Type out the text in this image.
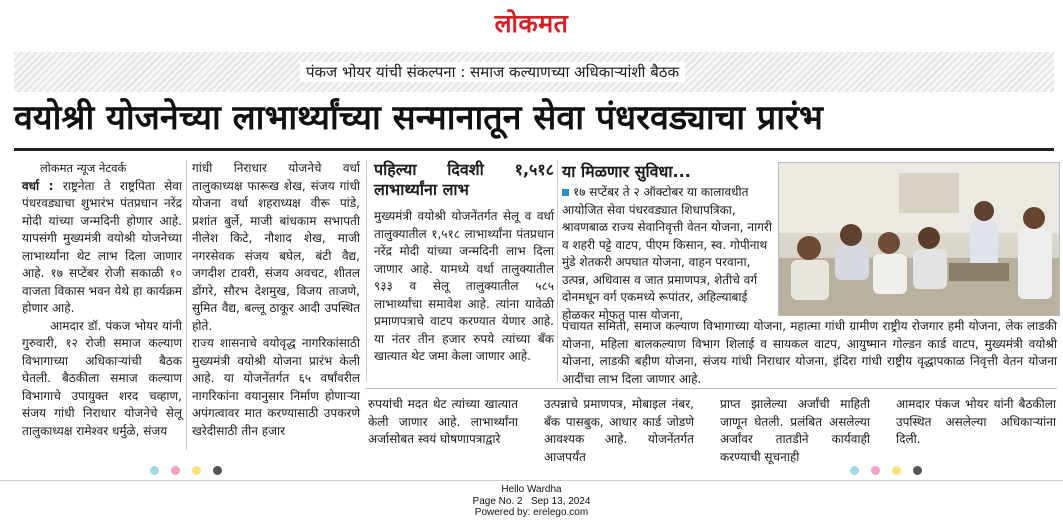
लोकमत
पंकज भोयर यांची संकल्पना : समाज कल्याणच्या अधिकाऱ्यांशी बैठक
वयोश्री योजनेच्या लाभार्थ्यांच्या सन्मानातून सेवा पंधरवड्याचा प्रारंभ

लोकमत न्यूज नेटवर्क

वर्धा : राष्ट्रनेता ते राष्ट्रपिता सेवा पंधरवड्याचा शुभारंभ पंतप्रधान नरेंद्र मोदी यांच्या जन्मदिनी होणार आहे. यापसंगी मुख्यमंत्री वयोश्री योजनेच्या लाभार्थ्यांना थेट लाभ दिला जाणार आहे. १७ सप्टेंबर रोजी सकाळी १० वाजता विकास भवन येथे हा कार्यक्रम होणार आहे.

आमदार डॉ. पंकज भोयर यांनी गुरुवारी, १२ रोजी समाज कल्याण विभागाच्या अधिकाऱ्यांची बैठक घेतली. बैठकीला समाज कल्याण विभागाचे उपायुक्त शरद चव्हाण, संजय गांधी निराधार योजनेचे सेलू तालुकाध्यक्ष रामेश्वर धर्मुळे, संजय

गांधी निराधार योजनेचे वर्धा तालुकाध्यक्ष फारूख शेख, संजय गांधी योजना वर्धा शहराध्यक्ष वीरू पांडे, प्रशांत बुर्ले, माजी बांधकाम सभापती नीलेश किटे, नौशाद शेख, माजी नगरसेवक संजय बघेल, बंटी वैद्य, जगदीश टावरी, संजय अवचट, शीतल डोंगरे, सौरभ देशमुख, विजय ताजणे, सुमित वैद्य, बल्लू ठाकूर आदी उपस्थित होते.

राज्य शासनाचे वयोवृद्ध नागरिकांसाठी मुख्यमंत्री वयोश्री योजना प्रारंभ केली आहे. या योजनेंतर्गत ६५ वर्षांवरील नागरिकांना वयानुसार निर्माण होणाऱ्या अपंगत्वावर मात करण्यासाठी उपकरणे खरेदीसाठी तीन हजार

पहिल्या दिवशी १,५१८ लाभार्थ्यांना लाभ

मुख्यमंत्री वयोश्री योजनेंतर्गत सेलू व वर्धा तालुक्यातील १,५१८ लाभार्थ्यांना पंतप्रधान नरेंद्र मोदी यांच्या जन्मदिनी लाभ दिला जाणार आहे. यामध्ये वर्धा तालुक्यातील ९३३ व सेलू तालुक्यातील ५८५ लाभार्थ्यांचा समावेश आहे. त्यांना यावेळी प्रमाणपत्राचे वाटप करण्यात येणार आहे. या नंतर तीन हजार रुपये त्यांच्या बँक खात्यात थेट जमा केला जाणार आहे.

या मिळणार सुविधा...
१७ सप्टेंबर ते २ ऑक्टोबर या कालावधीत आयोजित सेवा पंधरवड्यात शिधापत्रिका, श्रावणबाळ राज्य सेवानिवृत्ती वेतन योजना, नागरी व शहरी पट्टे वाटप, पीएम किसान, स्व. गोपीनाथ मुंडे शेतकरी अपघात योजना, वाहन परवाना, उत्पन्न, अधिवास व जात प्रमाणपत्र, शेतीचे वर्ग दोनमधून वर्ग एकमध्ये रूपांतर, अहिल्याबाई होळकर मोफत पास योजना,
पंचायत समिती, समाज कल्याण विभागाच्या योजना, महात्मा गांधी ग्रामीण राष्ट्रीय रोजगार हमी योजना, लेक लाडकी योजना, महिला बालकल्याण विभाग शिलाई व सायकल वाटप, आयुष्मान गोल्डन कार्ड वाटप, मुख्यमंत्री वयोश्री योजना, लाडकी बहीण योजना, संजय गांधी निराधार योजना, इंदिरा गांधी राष्ट्रीय वृद्धापकाळ निवृत्ती वेतन योजना आदींचा लाभ दिला जाणार आहे.
रुपयांची मदत थेट त्यांच्या खात्यात केली जाणार आहे. लाभार्थ्यांना अर्जासोबत स्वयं घोषणापत्राद्वारे
उत्पन्नाचे प्रमाणपत्र, मोबाइल नंबर, बँक पासबुक, आधार कार्ड जोडणे आवश्यक आहे. योजनेंतर्गत आजपर्यंत
प्राप्त झालेल्या अर्जांची माहिती जाणून घेतली. प्रलंबित असलेल्या अर्जांवर तातडीने कार्यवाही करण्याची सूचनाही
आमदार पंकज भोयर यांनी बैठकीला उपस्थित असलेल्या अधिकाऱ्यांना दिली.
Hello Wardha
Page No. 2 Sep 13, 2024
Powered by: erelego.com
